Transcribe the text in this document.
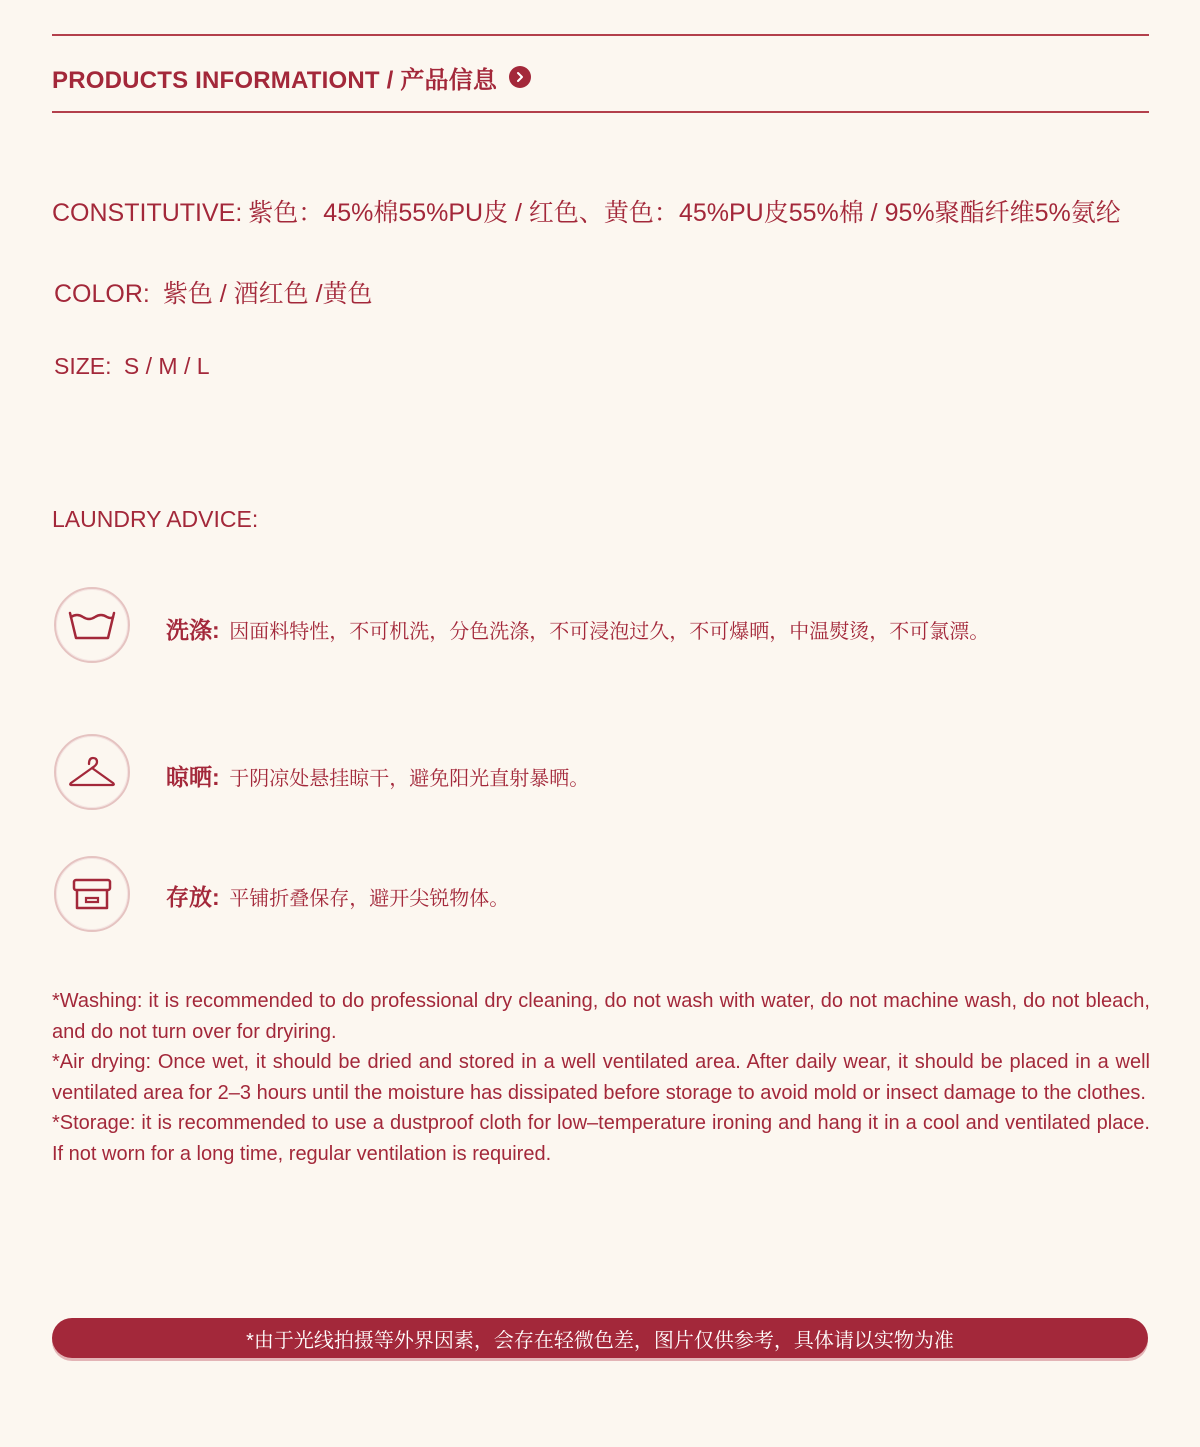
PRODUCTS INFORMATIONT / 产品信息
CONSTITUTIVE: 紫色：45%棉55%PU皮 / 红色、黄色：45%PU皮55%棉 / 95%聚酯纤维5%氨纶
COLOR: 紫色 / 酒红色 /黄色
SIZE: S / M / L
LAUNDRY ADVICE:
洗涤: 因面料特性，不可机洗，分色洗涤，不可浸泡过久，不可爆晒，中温熨烫，不可氯漂。
晾晒: 于阴凉处悬挂晾干，避免阳光直射暴晒。
存放: 平铺折叠保存，避开尖锐物体。

*Washing: it is recommended to do professional dry cleaning, do not wash with water, do not machine wash, do not bleach, and do not turn over for dryiring.

*Air drying: Once wet, it should be dried and stored in a well ventilated area. After daily wear, it should be placed in a well ventilated area for 2–3 hours until the moisture has dissipated before storage to avoid mold or insect damage to the clothes.

*Storage: it is recommended to use a dustproof cloth for low–temperature ironing and hang it in a cool and ventilated place. If not worn for a long time, regular ventilation is required.

*由于光线拍摄等外界因素，会存在轻微色差，图片仅供参考，具体请以实物为准
